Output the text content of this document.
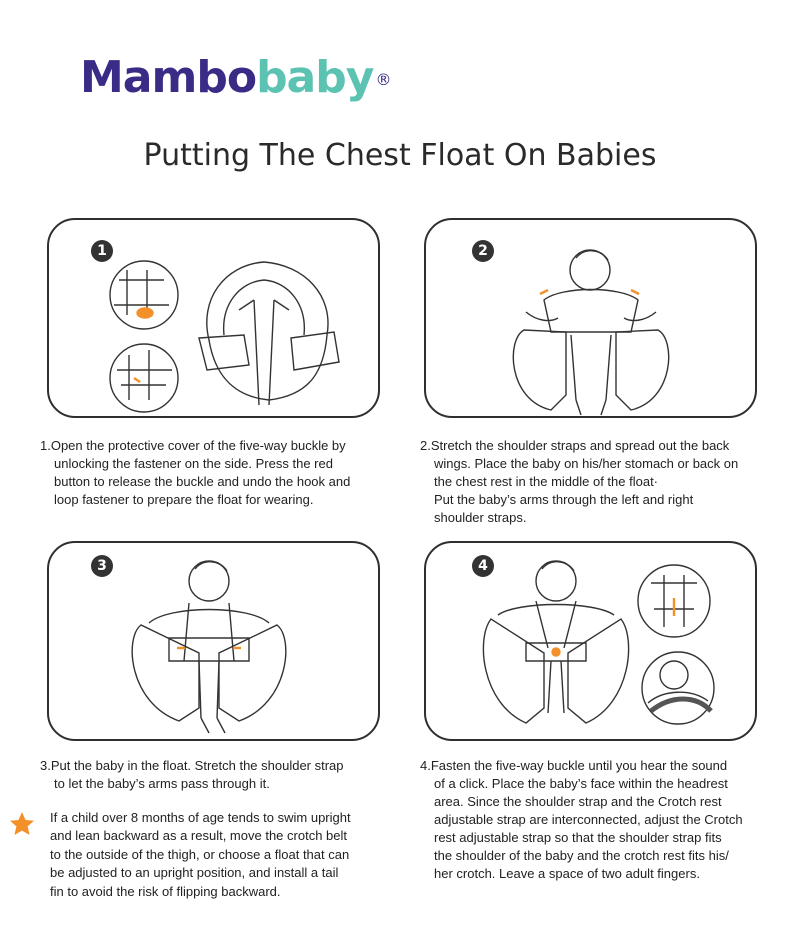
Mambobaby ®
Putting The Chest Float On Babies
1	2

1.Open the protective cover of the five-way buckle by

unlocking the fastener on the side. Press the red

button to release the buckle and undo the hook and

loop fastener to prepare the float for wearing.

2.Stretch the shoulder straps and spread out the back

wings. Place the baby on his/her stomach or back on

the chest rest in the middle of the float·

Put the baby’s arms through the left and right

shoulder straps.

3	4

3.Put the baby in the float. Stretch the shoulder strap

to let the baby’s arms pass through it.

4.Fasten the five-way buckle until you hear the sound

of a click. Place the baby’s face within the headrest

area. Since the shoulder strap and the Crotch rest

adjustable strap are interconnected, adjust the Crotch

rest adjustable strap so that the shoulder strap fits

the shoulder of the baby and the crotch rest fits his/

her crotch. Leave a space of two adult fingers.

If a child over 8 months of age tends to swim upright

and lean backward as a result, move the crotch belt

to the outside of the thigh, or choose a float that can

be adjusted to an upright position, and install a tail

fin to avoid the risk of flipping backward.
